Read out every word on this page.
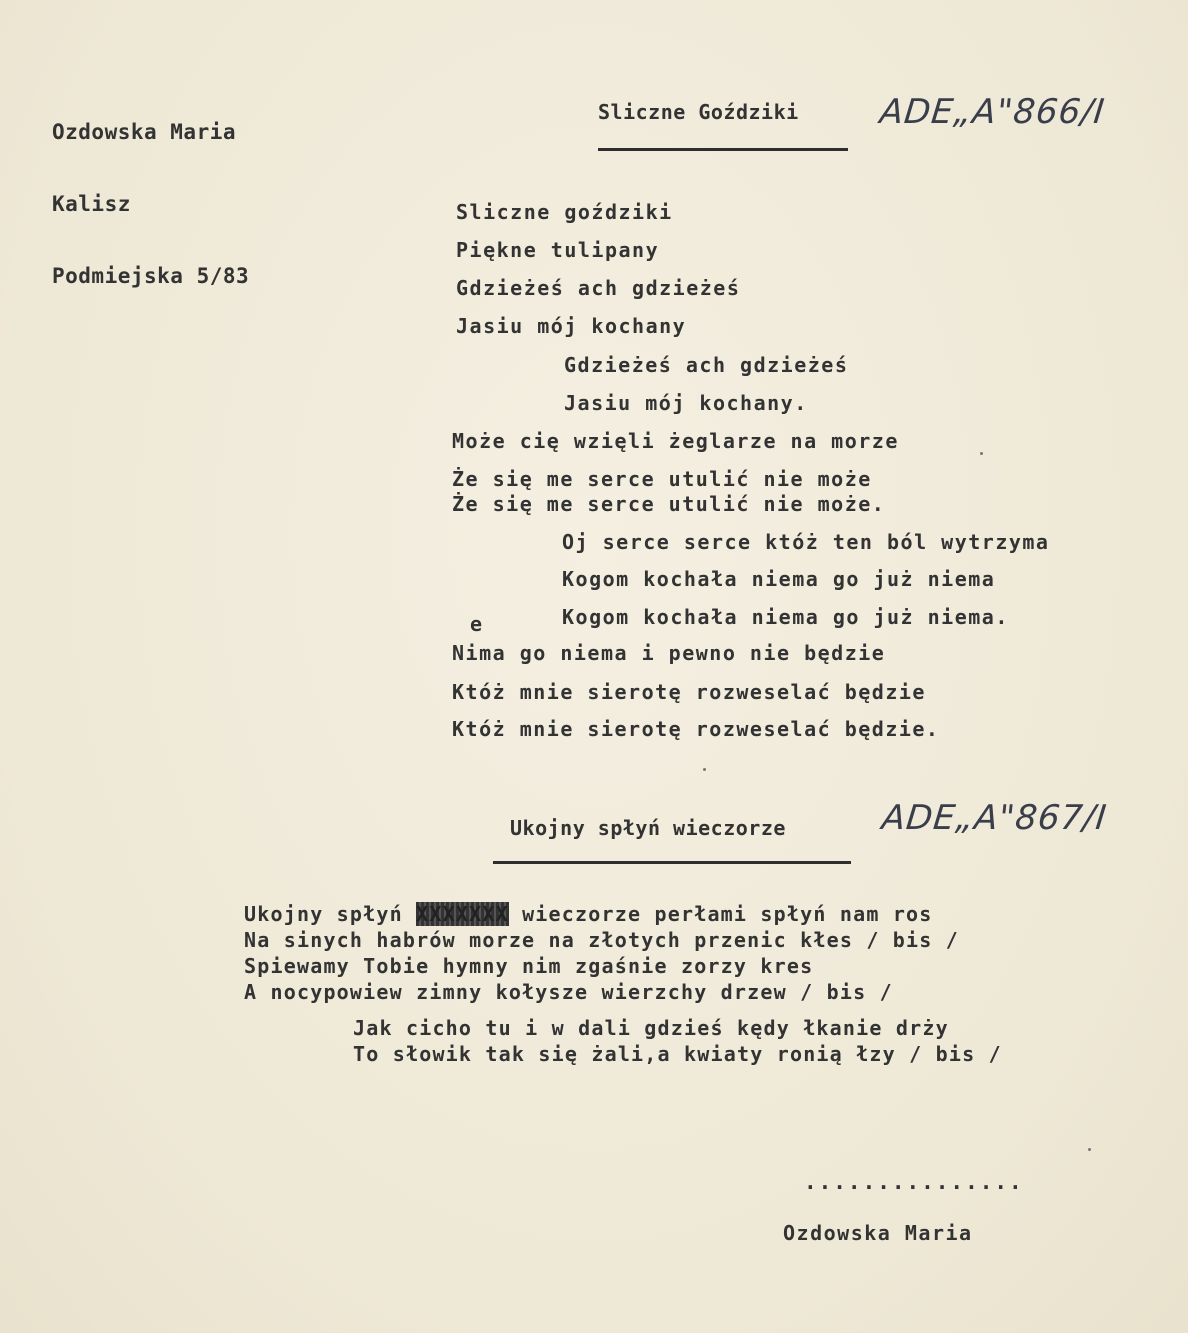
Ozdowska Maria

Kalisz

Podmiejska 5/83

Sliczne Goździki ADE„A"866/I
Sliczne goździki
Piękne tulipany
Gdzieżeś ach gdzieżeś
Jasiu mój kochany
Gdzieżeś ach gdzieżeś
Jasiu mój kochany.
Może cię wzięli żeglarze na morze
Że się me serce utulić nie może
Że się me serce utulić nie może.
Oj serce serce któż ten ból wytrzyma
Kogom kochała niema go już niema
Kogom kochała niema go już niema.
e
Nima go niema i pewno nie będzie
Któż mnie sierotę rozweselać będzie
Któż mnie sierotę rozweselać będzie.
Ukojny spłyń wieczorze	ADE„A"867/I
Ukojny spłyń XXXXXXX wieczorze perłami spłyń nam ros
Na sinych habrów morze na złotych przenic kłes / bis /
Spiewamy Tobie hymny nim zgaśnie zorzy kres
A nocypowiew zimny kołysze wierzchy drzew / bis /
Jak cicho tu i w dali gdzieś kędy łkanie drży
To słowik tak się żali,a kwiaty ronią łzy / bis /
...............
Ozdowska Maria
